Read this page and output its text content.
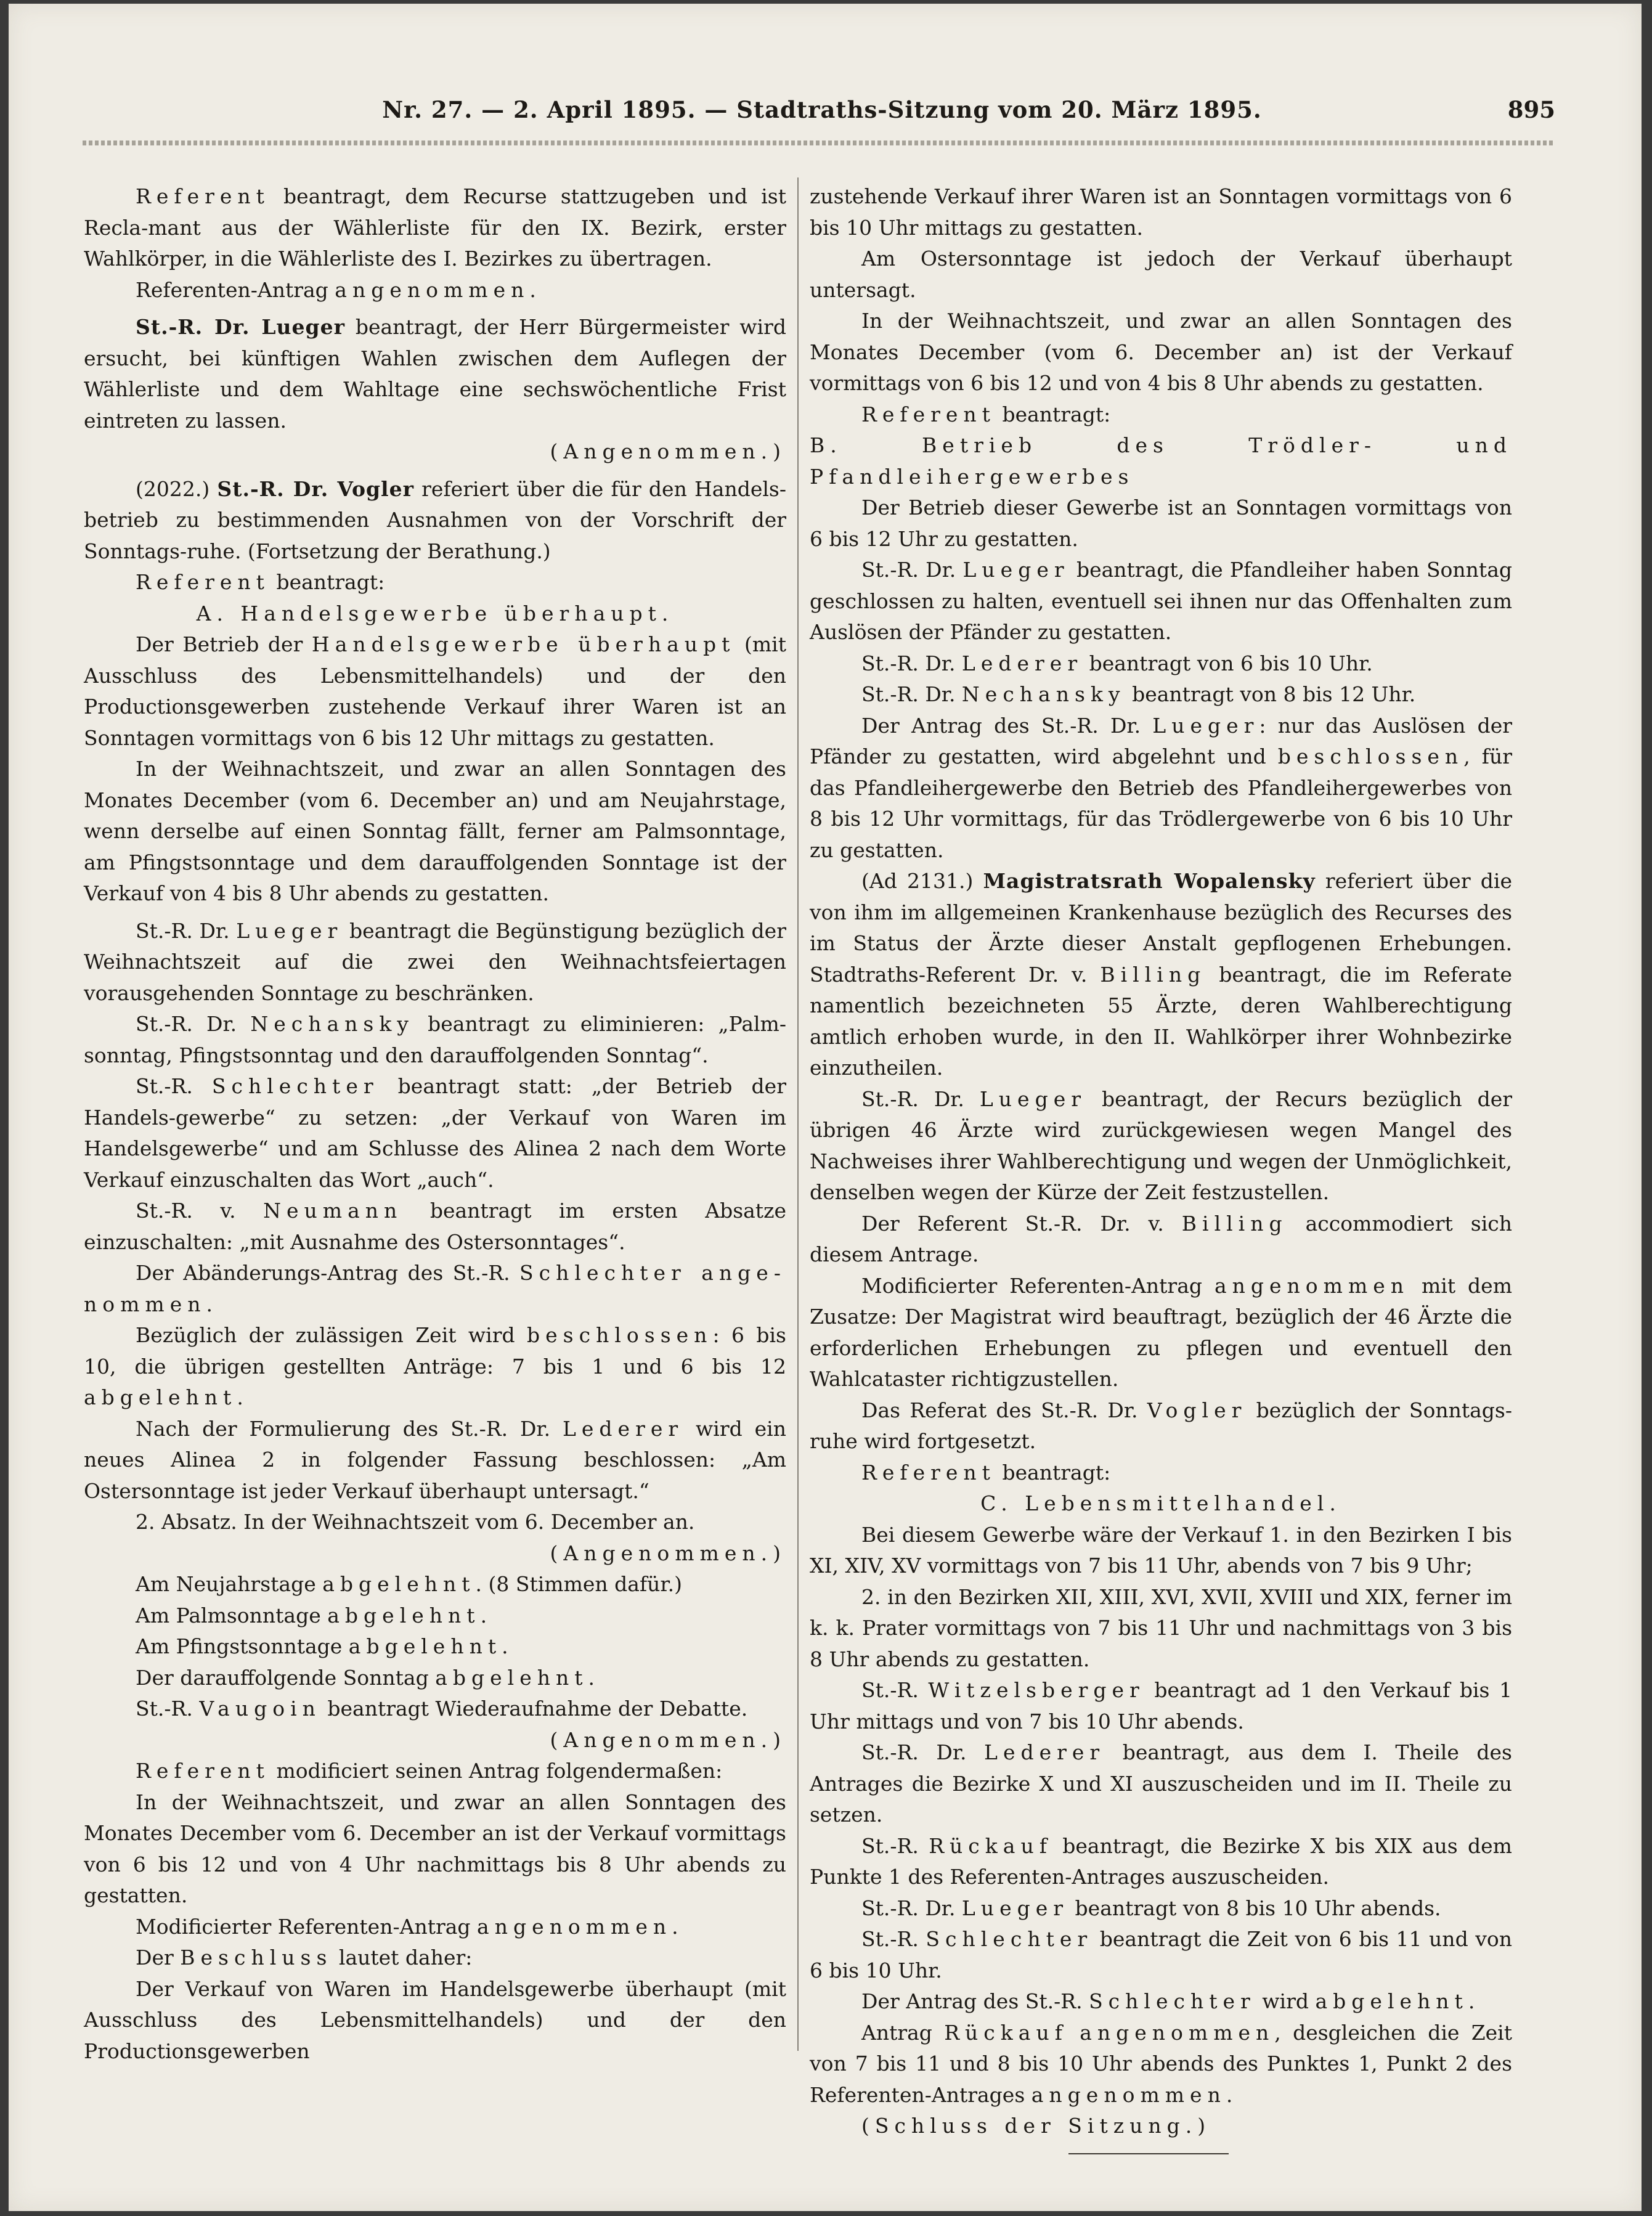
Nr. 27. — 2. April 1895. — Stadtraths-Sitzung vom 20. März 1895.	895

Referent beantragt, dem Recurse stattzugeben und ist Recla-mant aus der Wählerliste für den IX. Bezirk, erster Wahlkörper, in die Wählerliste des I. Bezirkes zu übertragen.

Referenten-Antrag angenommen.

St.-R. Dr. Lueger beantragt, der Herr Bürgermeister wird ersucht, bei künftigen Wahlen zwischen dem Auflegen der Wählerliste und dem Wahltage eine sechswöchentliche Frist eintreten zu lassen.

(Angenommen.)

(2022.) St.-R. Dr. Vogler referiert über die für den Handels-betrieb zu bestimmenden Ausnahmen von der Vorschrift der Sonntags-ruhe. (Fortsetzung der Berathung.)

Referent beantragt:

A. Handelsgewerbe überhaupt.

Der Betrieb der Handelsgewerbe überhaupt (mit Ausschluss des Lebensmittelhandels) und der den Productionsgewerben zustehende Verkauf ihrer Waren ist an Sonntagen vormittags von 6 bis 12 Uhr mittags zu gestatten.

In der Weihnachtszeit, und zwar an allen Sonntagen des Monates December (vom 6. December an) und am Neujahrstage, wenn derselbe auf einen Sonntag fällt, ferner am Palmsonntage, am Pfingstsonntage und dem darauffolgenden Sonntage ist der Verkauf von 4 bis 8 Uhr abends zu gestatten.

St.-R. Dr. Lueger beantragt die Begünstigung bezüglich der Weihnachtszeit auf die zwei den Weihnachtsfeiertagen vorausgehenden Sonntage zu beschränken.

St.-R. Dr. Nechansky beantragt zu eliminieren: „Palm-sonntag, Pfingstsonntag und den darauffolgenden Sonntag“.

St.-R. Schlechter beantragt statt: „der Betrieb der Handels-gewerbe“ zu setzen: „der Verkauf von Waren im Handelsgewerbe“ und am Schlusse des Alinea 2 nach dem Worte Verkauf einzuschalten das Wort „auch“.

St.-R. v. Neumann beantragt im ersten Absatze einzuschalten: „mit Ausnahme des Ostersonntages“.

Der Abänderungs-Antrag des St.-R. Schlechter ange-nommen.

Bezüglich der zulässigen Zeit wird beschlossen: 6 bis 10, die übrigen gestellten Anträge: 7 bis 1 und 6 bis 12 abgelehnt.

Nach der Formulierung des St.-R. Dr. Lederer wird ein neues Alinea 2 in folgender Fassung beschlossen: „Am Ostersonntage ist jeder Verkauf überhaupt untersagt.“

2. Absatz. In der Weihnachtszeit vom 6. December an.

(Angenommen.)

Am Neujahrstage abgelehnt. (8 Stimmen dafür.)

Am Palmsonntage abgelehnt.

Am Pfingstsonntage abgelehnt.

Der darauffolgende Sonntag abgelehnt.

St.-R. Vaugoin beantragt Wiederaufnahme der Debatte.

(Angenommen.)

Referent modificiert seinen Antrag folgendermaßen:

In der Weihnachtszeit, und zwar an allen Sonntagen des Monates December vom 6. December an ist der Verkauf vormittags von 6 bis 12 und von 4 Uhr nachmittags bis 8 Uhr abends zu gestatten.

Modificierter Referenten-Antrag angenommen.

Der Beschluss lautet daher:

Der Verkauf von Waren im Handelsgewerbe überhaupt (mit Ausschluss des Lebensmittelhandels) und der den Productionsgewerben

zustehende Verkauf ihrer Waren ist an Sonntagen vormittags von 6 bis 10 Uhr mittags zu gestatten.

Am Ostersonntage ist jedoch der Verkauf überhaupt untersagt.

In der Weihnachtszeit, und zwar an allen Sonntagen des Monates December (vom 6. December an) ist der Verkauf vormittags von 6 bis 12 und von 4 bis 8 Uhr abends zu gestatten.

Referent beantragt:

B. Betrieb des Trödler- und Pfandleihergewerbes

Der Betrieb dieser Gewerbe ist an Sonntagen vormittags von 6 bis 12 Uhr zu gestatten.

St.-R. Dr. Lueger beantragt, die Pfandleiher haben Sonntag geschlossen zu halten, eventuell sei ihnen nur das Offenhalten zum Auslösen der Pfänder zu gestatten.

St.-R. Dr. Lederer beantragt von 6 bis 10 Uhr.

St.-R. Dr. Nechansky beantragt von 8 bis 12 Uhr.

Der Antrag des St.-R. Dr. Lueger: nur das Auslösen der Pfänder zu gestatten, wird abgelehnt und beschlossen, für das Pfandleihergewerbe den Betrieb des Pfandleihergewerbes von 8 bis 12 Uhr vormittags, für das Trödlergewerbe von 6 bis 10 Uhr zu gestatten.

(Ad 2131.) Magistratsrath Wopalensky referiert über die von ihm im allgemeinen Krankenhause bezüglich des Recurses des im Status der Ärzte dieser Anstalt gepflogenen Erhebungen. Stadtraths-Referent Dr. v. Billing beantragt, die im Referate namentlich bezeichneten 55 Ärzte, deren Wahlberechtigung amtlich erhoben wurde, in den II. Wahlkörper ihrer Wohnbezirke einzutheilen.

St.-R. Dr. Lueger beantragt, der Recurs bezüglich der übrigen 46 Ärzte wird zurückgewiesen wegen Mangel des Nachweises ihrer Wahlberechtigung und wegen der Unmöglichkeit, denselben wegen der Kürze der Zeit festzustellen.

Der Referent St.-R. Dr. v. Billing accommodiert sich diesem Antrage.

Modificierter Referenten-Antrag angenommen mit dem Zusatze: Der Magistrat wird beauftragt, bezüglich der 46 Ärzte die erforderlichen Erhebungen zu pflegen und eventuell den Wahlcataster richtigzustellen.

Das Referat des St.-R. Dr. Vogler bezüglich der Sonntags-ruhe wird fortgesetzt.

Referent beantragt:

C. Lebensmittelhandel.

Bei diesem Gewerbe wäre der Verkauf 1. in den Bezirken I bis XI, XIV, XV vormittags von 7 bis 11 Uhr, abends von 7 bis 9 Uhr;

2. in den Bezirken XII, XIII, XVI, XVII, XVIII und XIX, ferner im k. k. Prater vormittags von 7 bis 11 Uhr und nachmittags von 3 bis 8 Uhr abends zu gestatten.

St.-R. Witzelsberger beantragt ad 1 den Verkauf bis 1 Uhr mittags und von 7 bis 10 Uhr abends.

St.-R. Dr. Lederer beantragt, aus dem I. Theile des Antrages die Bezirke X und XI auszuscheiden und im II. Theile zu setzen.

St.-R. Rückauf beantragt, die Bezirke X bis XIX aus dem Punkte 1 des Referenten-Antrages auszuscheiden.

St.-R. Dr. Lueger beantragt von 8 bis 10 Uhr abends.

St.-R. Schlechter beantragt die Zeit von 6 bis 11 und von 6 bis 10 Uhr.

Der Antrag des St.-R. Schlechter wird abgelehnt.

Antrag Rückauf angenommen, desgleichen die Zeit von 7 bis 11 und 8 bis 10 Uhr abends des Punktes 1, Punkt 2 des Referenten-Antrages angenommen.

(Schluss der Sitzung.)
